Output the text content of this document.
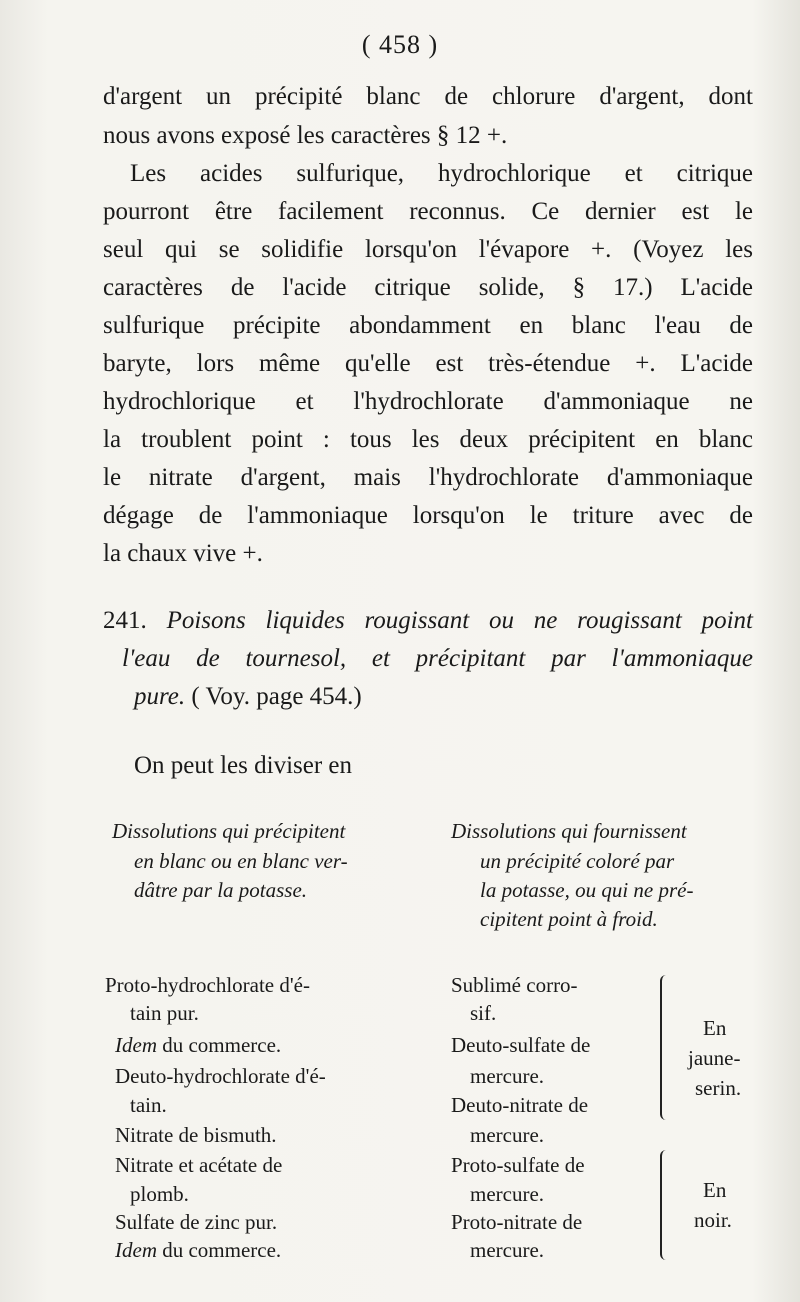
( 458 )
d'argent un précipité blanc de chlorure d'argent, dont
nous avons exposé les caractères § 12 +.
Les acides sulfurique, hydrochlorique et citrique
pourront être facilement reconnus. Ce dernier est le
seul qui se solidifie lorsqu'on l'évapore +. (Voyez les
caractères de l'acide citrique solide, § 17.) L'acide
sulfurique précipite abondamment en blanc l'eau de
baryte, lors même qu'elle est très-étendue +. L'acide
hydrochlorique et l'hydrochlorate d'ammoniaque ne
la troublent point : tous les deux précipitent en blanc
le nitrate d'argent, mais l'hydrochlorate d'ammoniaque
dégage de l'ammoniaque lorsqu'on le triture avec de
la chaux vive +.
241. Poisons liquides rougissant ou ne rougissant point
l'eau de tournesol, et précipitant par l'ammoniaque
pure. ( Voy. page 454.)
On peut les diviser en
Dissolutions qui précipitent
en blanc ou en blanc ver-
dâtre par la potasse.
Dissolutions qui fournissent
un précipité coloré par
la potasse, ou qui ne pré-
cipitent point à froid.
Proto-hydrochlorate d'é-
tain pur.
Idem du commerce.
Deuto-hydrochlorate d'é-
tain.
Nitrate de bismuth.
Nitrate et acétate de
plomb.
Sulfate de zinc pur.
Idem du commerce.
Sublimé corro-
sif.
Deuto-sulfate de
mercure.
Deuto-nitrate de
mercure.
Proto-sulfate de
mercure.
Proto-nitrate de
mercure.
En
jaune-
serin.
En
noir.
